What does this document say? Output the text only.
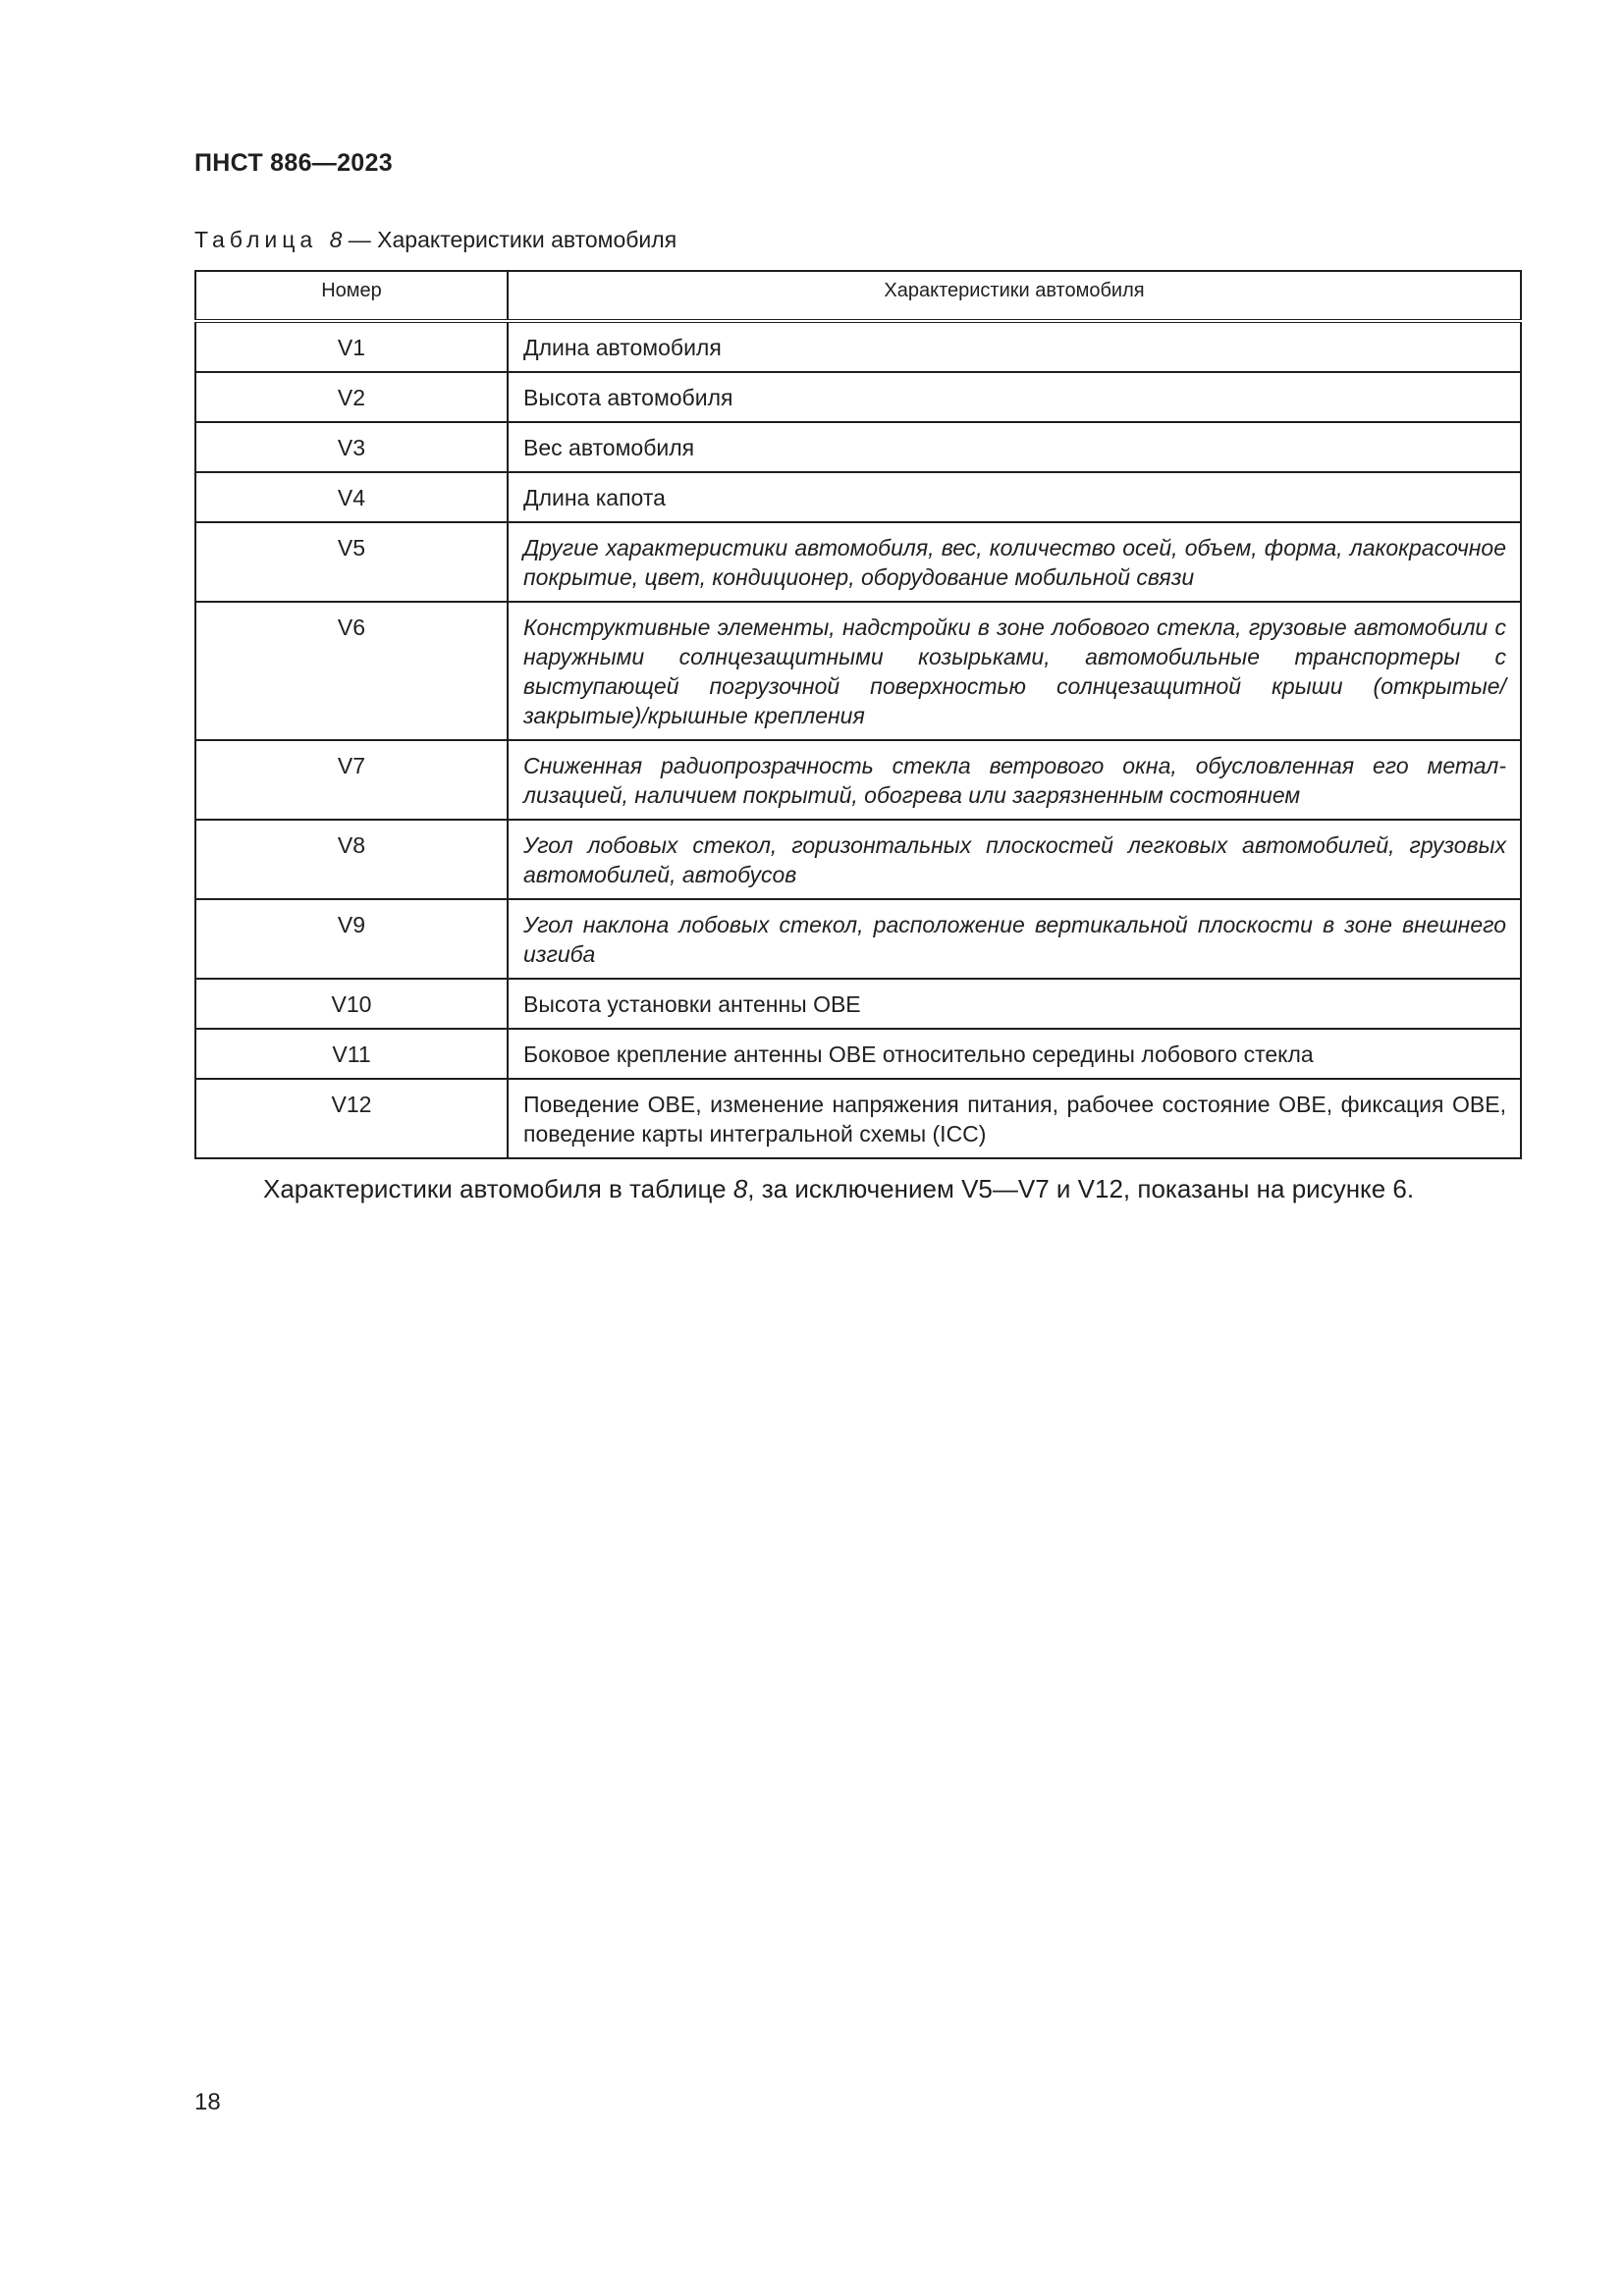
ПНСТ 886—2023
Таблица 8 — Характеристики автомобиля
Номер	Характеристики автомобиля
V1	Длина автомобиля
V2	Высота автомобиля
V3	Вес автомобиля
V4	Длина капота
V5	Другие характеристики автомобиля, вес, количество осей, объем, форма, лакокрасочное покрытие, цвет, кондиционер, оборудование мобильной связи
V6	Конструктивные элементы, надстройки в зоне лобового стекла, грузовые автомобили с наружными солнцезащитными козырьками, автомобильные транспортеры с выступающей погрузочной поверхностью солнцезащитной крыши (открытые/закрытые)/крышные крепления
V7	Сниженная радиопрозрачность стекла ветрового окна, обусловленная его металлизацией, наличием покрытий, обогрева или загрязненным состоянием
V8	Угол лобовых стекол, горизонтальных плоскостей легковых автомобилей, грузовых автомобилей, автобусов
V9	Угол наклона лобовых стекол, расположение вертикальной плоскости в зоне внешнего изгиба
V10	Высота установки антенны OBE
V11	Боковое крепление антенны OBE относительно середины лобового стекла
V12	Поведение OBE, изменение напряжения питания, рабочее состояние OBE, фиксация OBE, поведение карты интегральной схемы (ICC)
Характеристики автомобиля в таблице 8, за исключением V5—V7 и V12, показаны на рисунке 6.
18
